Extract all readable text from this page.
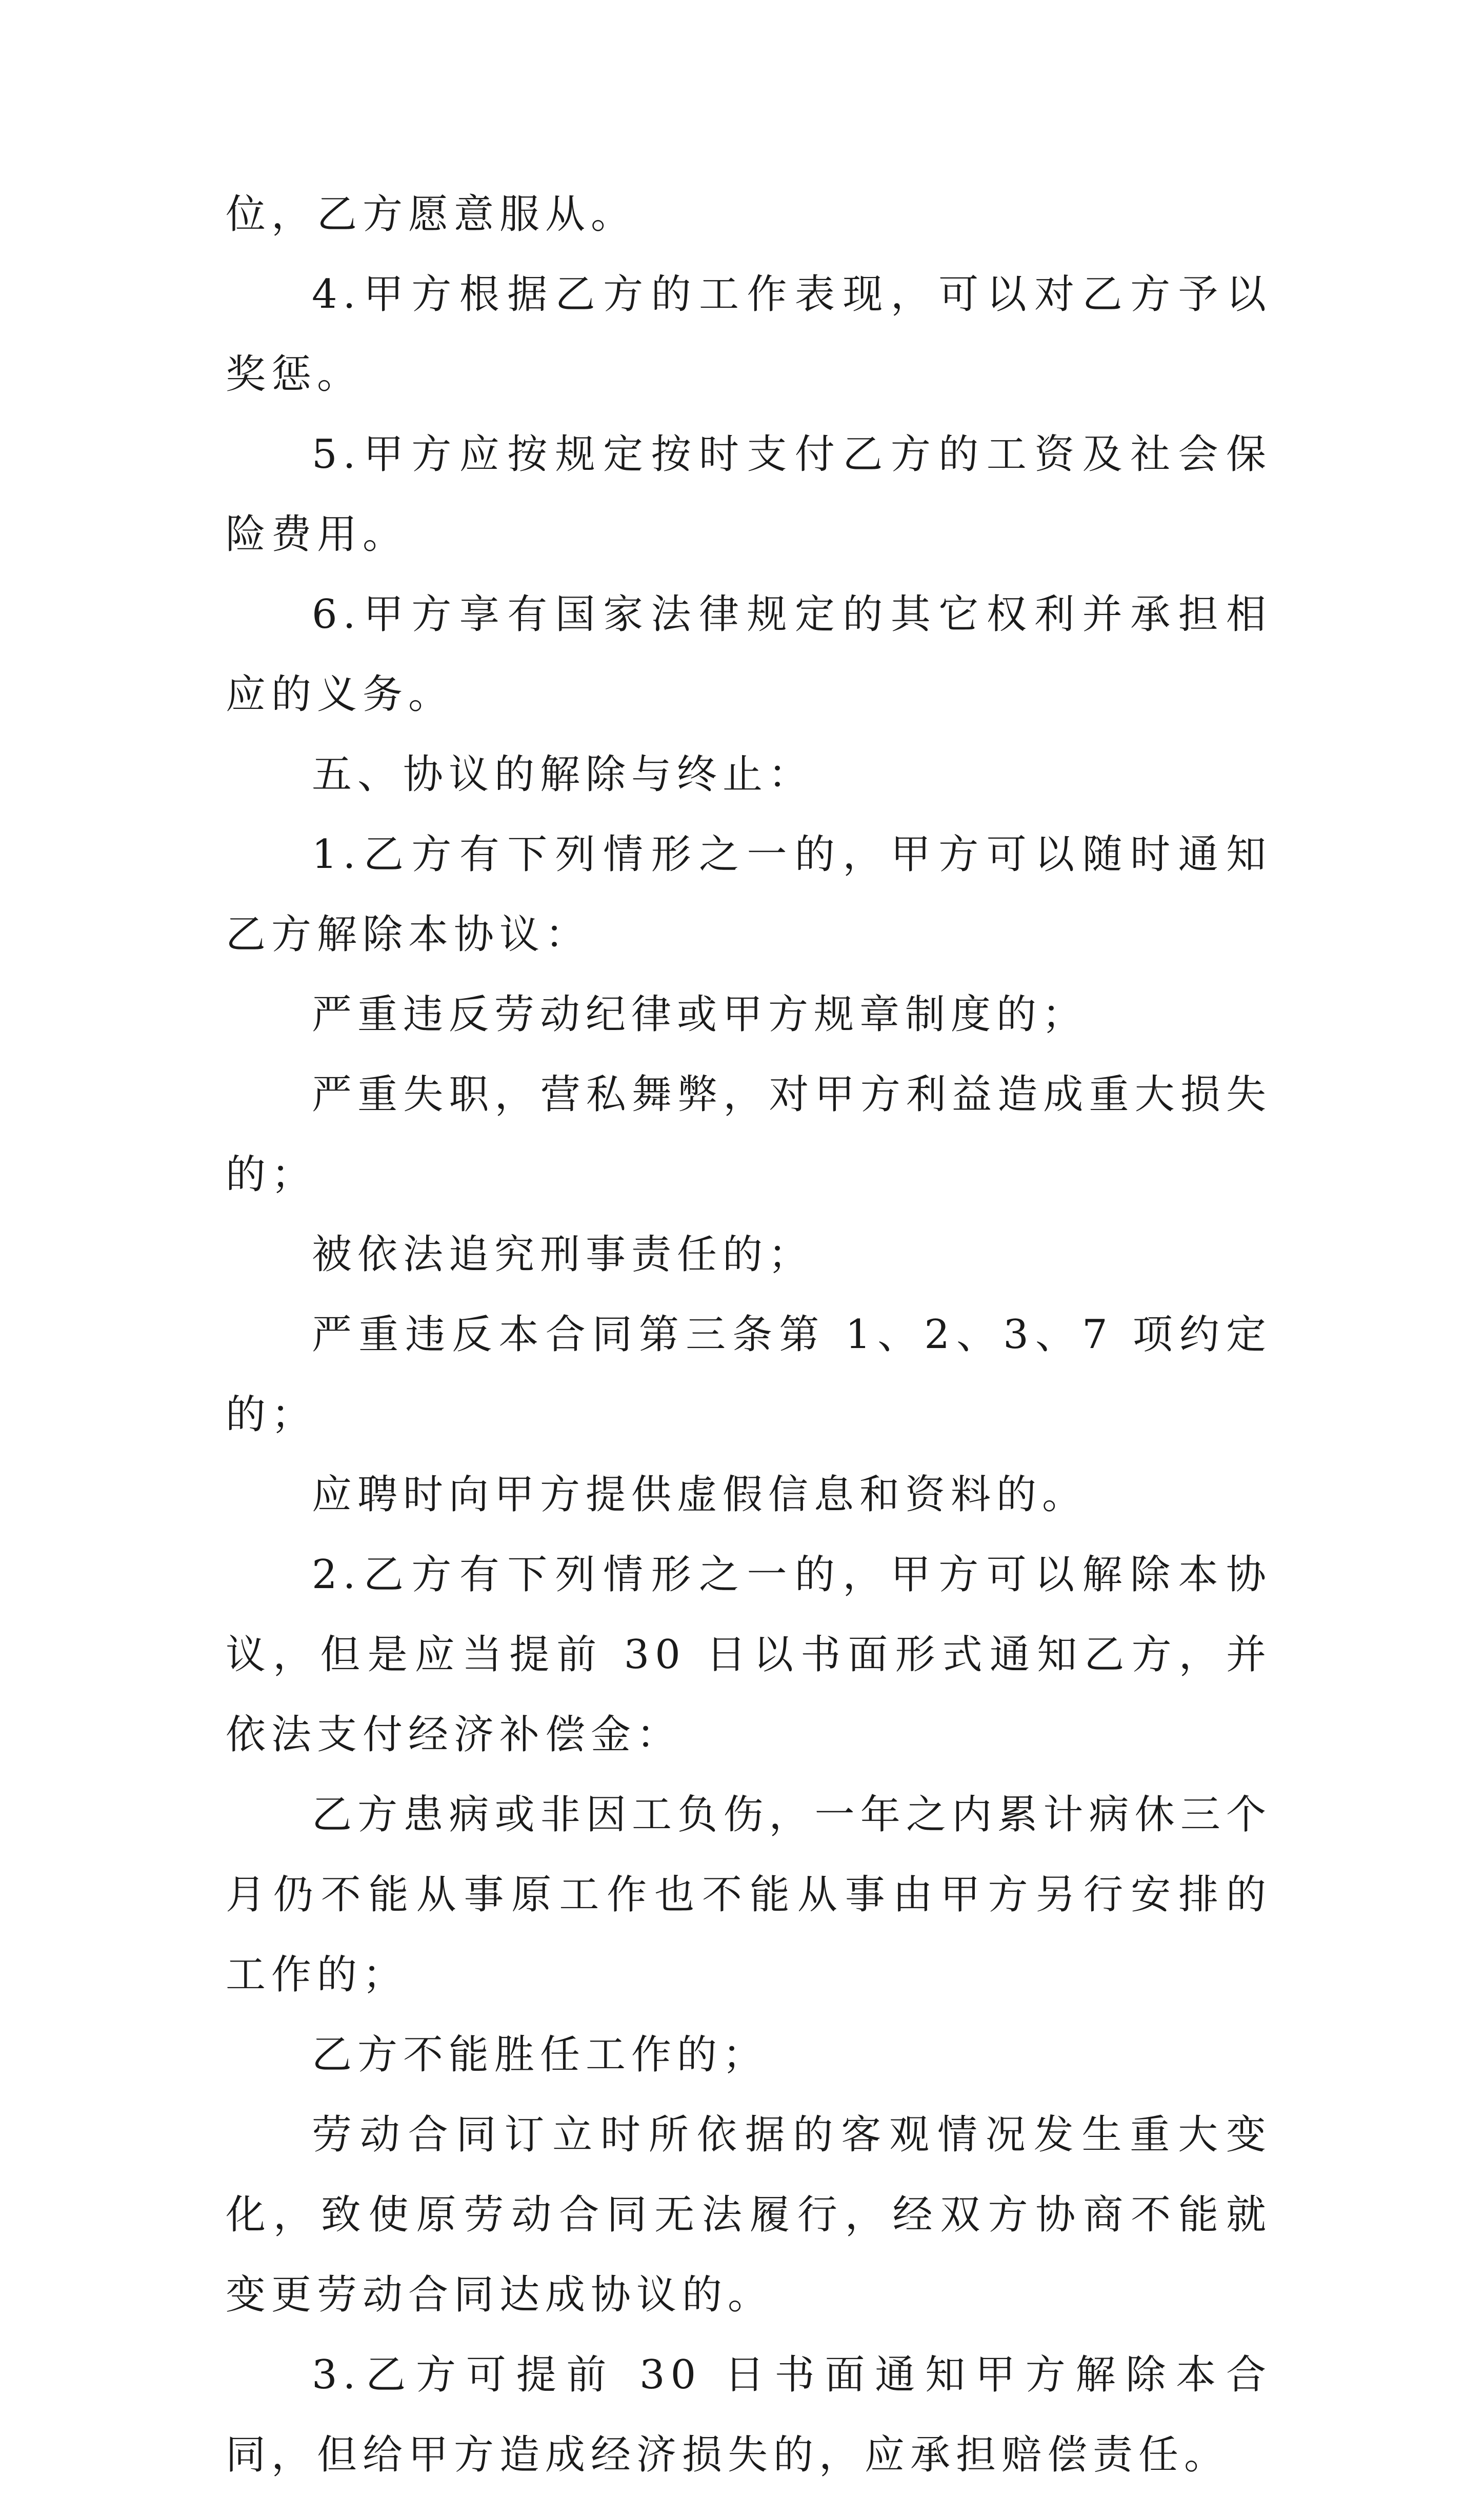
位，乙方愿意服从。

4.甲方根据乙方的工作表现，可以对乙方予以奖惩。

5.甲方应按规定按时支付乙方的工资及社会保险费用。

6.甲方享有国家法律规定的其它权利并承担相应的义务。

五、协议的解除与终止：

1.乙方有下列情形之一的，甲方可以随时通知乙方解除本协议：

严重违反劳动纪律或甲方规章制度的；

严重失职，营私舞弊，对甲方利益造成重大损失的；

被依法追究刑事责任的；

严重违反本合同第三条第 1、2、3、7 项约定的；

应聘时向甲方提供虚假信息和资料的。

2.乙方有下列情形之一的，甲方可以解除本协议，但是应当提前 30 日以书面形式通知乙方，并依法支付经济补偿金：

乙方患病或非因工负伤，一年之内累计病休三个月仍不能从事原工作也不能从事由甲方另行安排的工作的；

乙方不能胜任工作的；

劳动合同订立时所依据的客观情况发生重大变化，致使原劳动合同无法履行，经双方协商不能就变更劳动合同达成协议的。

3.乙方可提前 30 日书面通知甲方解除本合同，但给甲方造成经济损失的，应承担赔偿责任。
